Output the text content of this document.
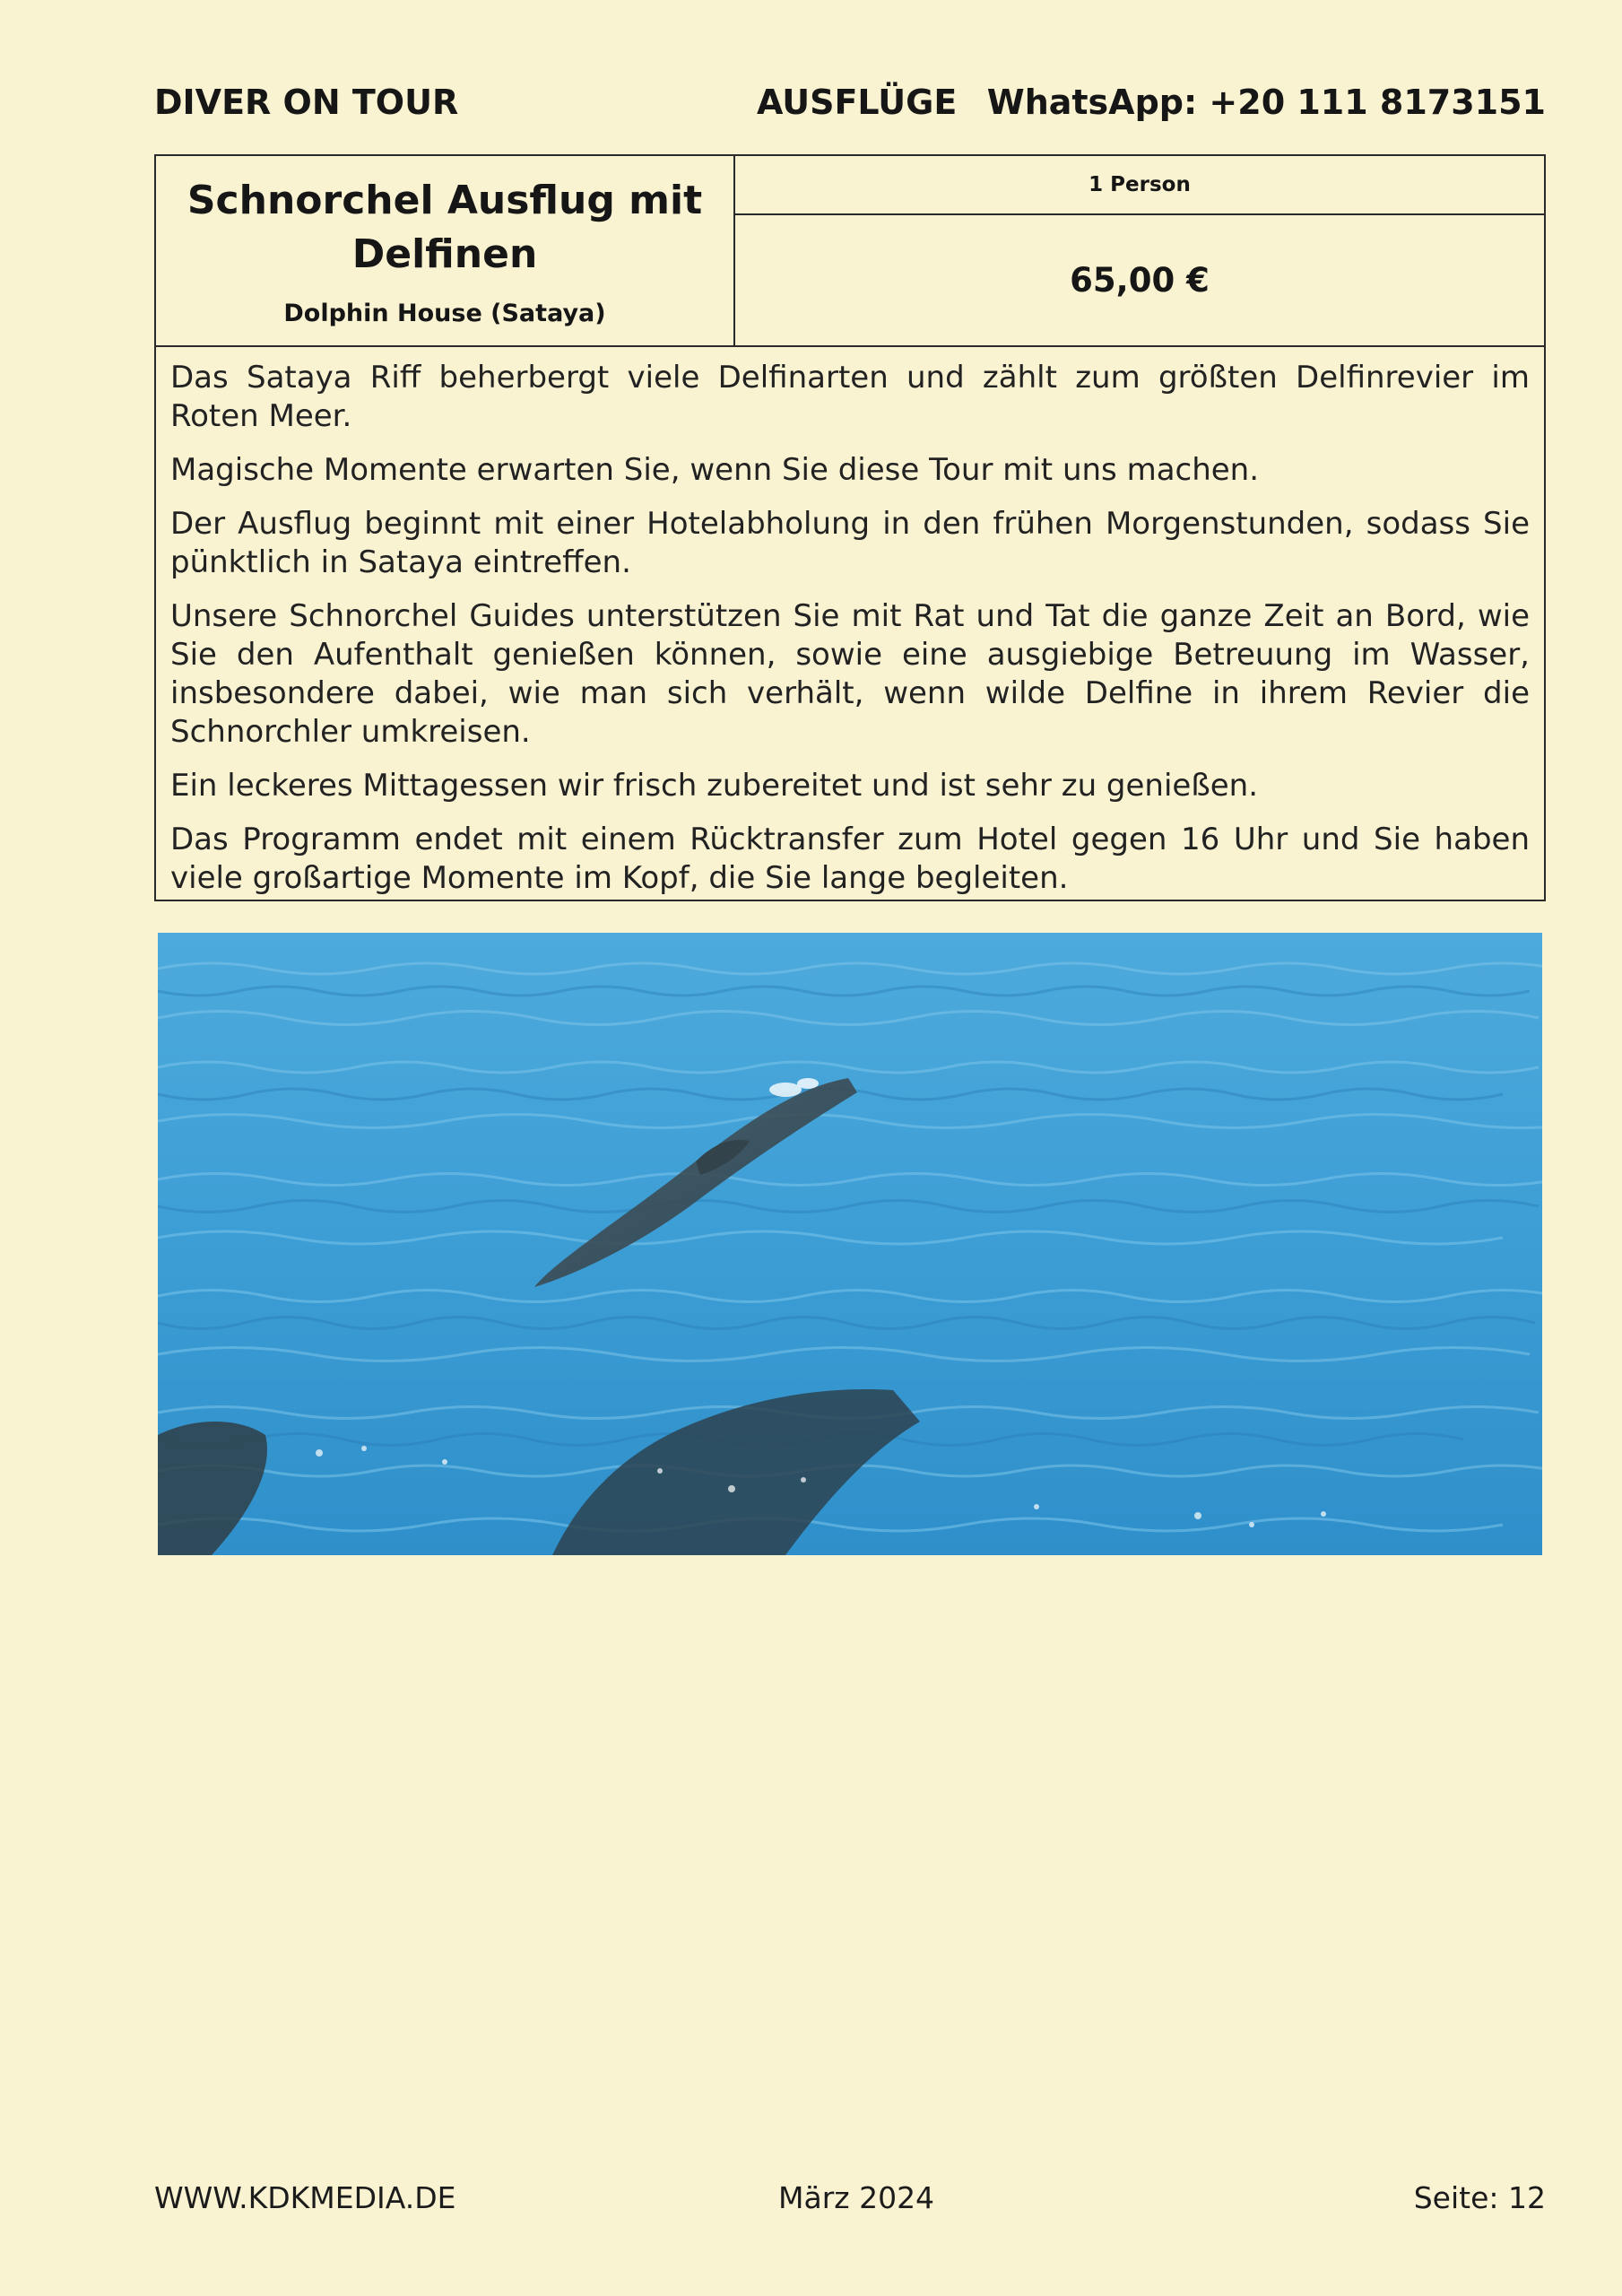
DIVER ON TOUR	AUSFLÜGE WhatsApp: +20 111 8173151
Schnorchel Ausflug mit Delfinen
Dolphin House (Sataya)
1 Person
65,00 €

Das Sataya Riff beherbergt viele Delfinarten und zählt zum größten Delfinrevier im Roten Meer.

Magische Momente erwarten Sie, wenn Sie diese Tour mit uns machen.

Der Ausflug beginnt mit einer Hotelabholung in den frühen Morgenstunden, sodass Sie pünktlich in Sataya eintreffen.

Unsere Schnorchel Guides unterstützen Sie mit Rat und Tat die ganze Zeit an Bord, wie Sie den Aufenthalt genießen können, sowie eine ausgiebige Betreuung im Wasser, insbesondere dabei, wie man sich verhält, wenn wilde Delfine in ihrem Revier die Schnorchler umkreisen.

Ein leckeres Mittagessen wir frisch zubereitet und ist sehr zu genießen.

Das Programm endet mit einem Rücktransfer zum Hotel gegen 16 Uhr und Sie haben viele großartige Momente im Kopf, die Sie lange begleiten.

WWW.KDKMEDIA.DE	März 2024	Seite: 12
